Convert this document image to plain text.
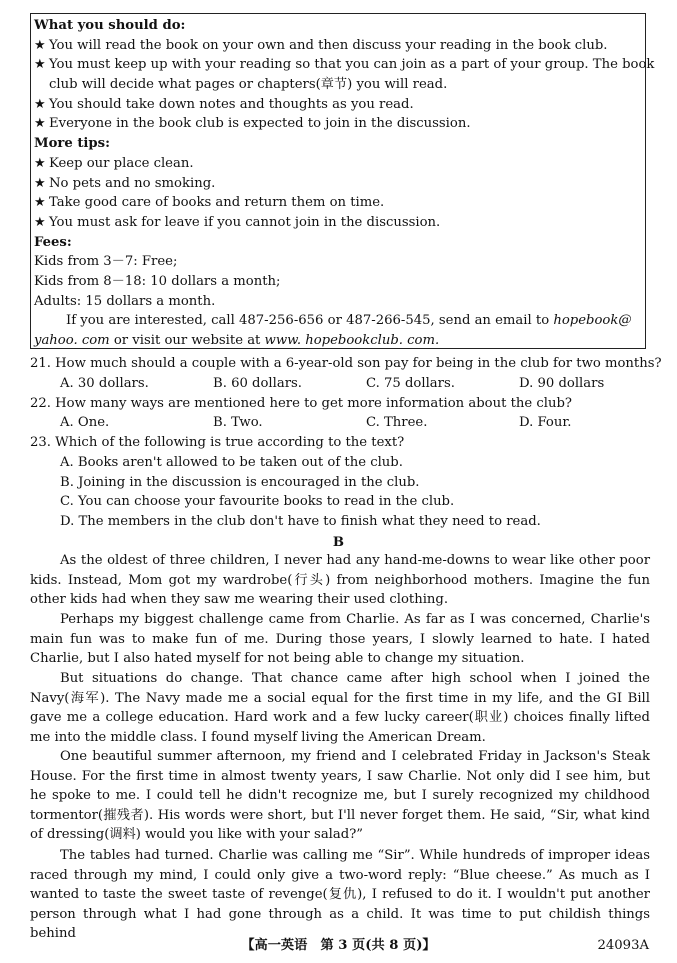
What you should do:
★ You will read the book on your own and then discuss your reading in the book club.
★ You must keep up with your reading so that you can join as a part of your group. The book
club will decide what pages or chapters(章节) you will read.
★ You should take down notes and thoughts as you read.
★ Everyone in the book club is expected to join in the discussion.
More tips:
★ Keep our place clean.
★ No pets and no smoking.
★ Take good care of books and return them on time.
★ You must ask for leave if you cannot join in the discussion.
Fees:
Kids from 3－7: Free;
Kids from 8－18: 10 dollars a month;
Adults: 15 dollars a month.
If you are interested, call 487-256-656 or 487-266-545, send an email to hopebook@
yahoo. com or visit our website at www. hopebookclub. com.
21. How much should a couple with a 6-year-old son pay for being in the club for two months?
A. 30 dollars.	B. 60 dollars.	C. 75 dollars.	D. 90 dollars
22. How many ways are mentioned here to get more information about the club?
A. One.	B. Two.	C. Three.	D. Four.
23. Which of the following is true according to the text?
A. Books aren't allowed to be taken out of the club.
B. Joining in the discussion is encouraged in the club.
C. You can choose your favourite books to read in the club.
D. The members in the club don't have to finish what they need to read.
B
As the oldest of three children, I never had any hand-me-downs to wear like other poor kids. Instead, Mom got my wardrobe(行头) from neighborhood mothers. Imagine the fun other kids had when they saw me wearing their used clothing.
Perhaps my biggest challenge came from Charlie. As far as I was concerned, Charlie's main fun was to make fun of me. During those years, I slowly learned to hate. I hated Charlie, but I also hated myself for not being able to change my situation.
But situations do change. That chance came after high school when I joined the Navy(海军). The Navy made me a social equal for the first time in my life, and the GI Bill gave me a college education. Hard work and a few lucky career(职业) choices finally lifted me into the middle class. I found myself living the American Dream.
One beautiful summer afternoon, my friend and I celebrated Friday in Jackson's Steak House. For the first time in almost twenty years, I saw Charlie. Not only did I see him, but he spoke to me. I could tell he didn't recognize me, but I surely recognized my childhood tormentor(摧残者). His words were short, but I'll never forget them. He said, “Sir, what kind of dressing(调料) would you like with your salad?”
The tables had turned. Charlie was calling me “Sir”. While hundreds of improper ideas raced through my mind, I could only give a two-word reply: “Blue cheese.” As much as I wanted to taste the sweet taste of revenge(复仇), I refused to do it. I wouldn't put another person through what I had gone through as a child. It was time to put childish things behind
【高一英语　第 3 页(共 8 页)】	24093A
